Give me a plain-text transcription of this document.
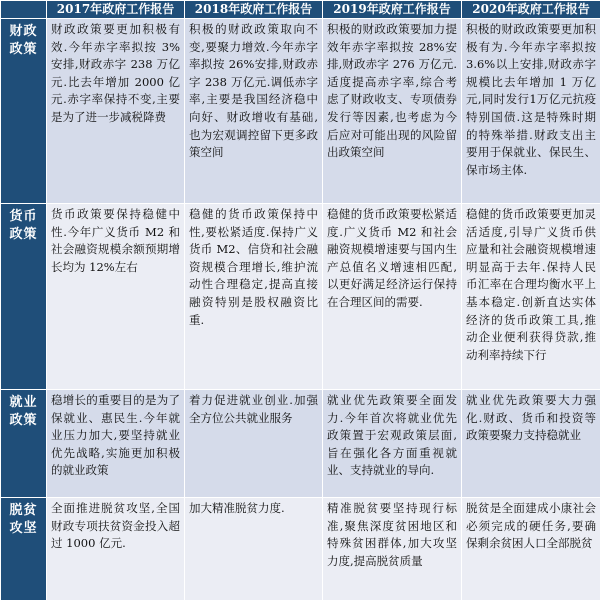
	2017年政府工作报告	2018年政府工作报告	2019年政府工作报告	2020年政府工作报告

财政
政策	财政政策要更加积极有效.今年赤字率拟按 3%安排,财政赤字 238 万亿元.比去年增加 2000 亿元.赤字率保持不变,主要是为了进一步减税降费	积极的财政政策取向不变,要聚力增效.今年赤字率拟按 26%安排,财政赤字 238 万亿元.调低赤字率,主要是我国经济稳中向好、财政增收有基础,也为宏观调控留下更多政策空间	积极的财政政策要加力提效年赤字率拟按 28%安排,财政赤字 276 万亿元.适度提高赤字率,综合考虑了财政收支、专项债券发行等因素,也考虑为今后应对可能出现的风险留出政策空间	积极的财政政策要更加积极有为.今年赤字率拟按 3.6%以上安排,财政赤字规模比去年增加 1 万亿元,同时发行1万亿元抗疫特别国债.这是特殊时期的特殊举措.财政支出主要用于保就业、保民生、保市场主体.

货币
政策	货币政策要保持稳健中性.今年广义货币 M2 和社会融资规模余额预期增长均为 12%左右	稳健的货币政策保持中性,要松紧适度.保持广义货币 M2、信贷和社会融资规模合理增长,维护流动性合理稳定,提高直接融资特别是股权融资比重.	稳健的货币政策要松紧适度.广义货币 M2 和社会融资规模增速要与国内生产总值名义增速相匹配,以更好满足经济运行保持在合理区间的需要.	稳健的货币政策要更加灵活适度,引导广义货币供应量和社会融资规模增速明显高于去年.保持人民币汇率在合理均衡水平上基本稳定.创新直达实体经济的货币政策工具,推动企业便利获得贷款,推动利率持续下行

就业
政策	稳增长的重要目的是为了保就业、惠民生.今年就业压力加大,要坚持就业优先战略,实施更加积极的就业政策	着力促进就业创业.加强全方位公共就业服务	就业优先政策要全面发力.今年首次将就业优先政策置于宏观政策层面,旨在强化各方面重视就业、支持就业的导向.	就业优先政策要大力强化.财政、货币和投资等政策要聚力支持稳就业

脱贫
攻坚	全面推进脱贫攻坚,全国财政专项扶贫资金投入超过 1000 亿元.	加大精准脱贫力度.	精准脱贫要坚持现行标准,聚焦深度贫困地区和特殊贫困群体,加大攻坚力度,提高脱贫质量	脱贫是全面建成小康社会必须完成的硬任务,要确保剩余贫困人口全部脱贫
